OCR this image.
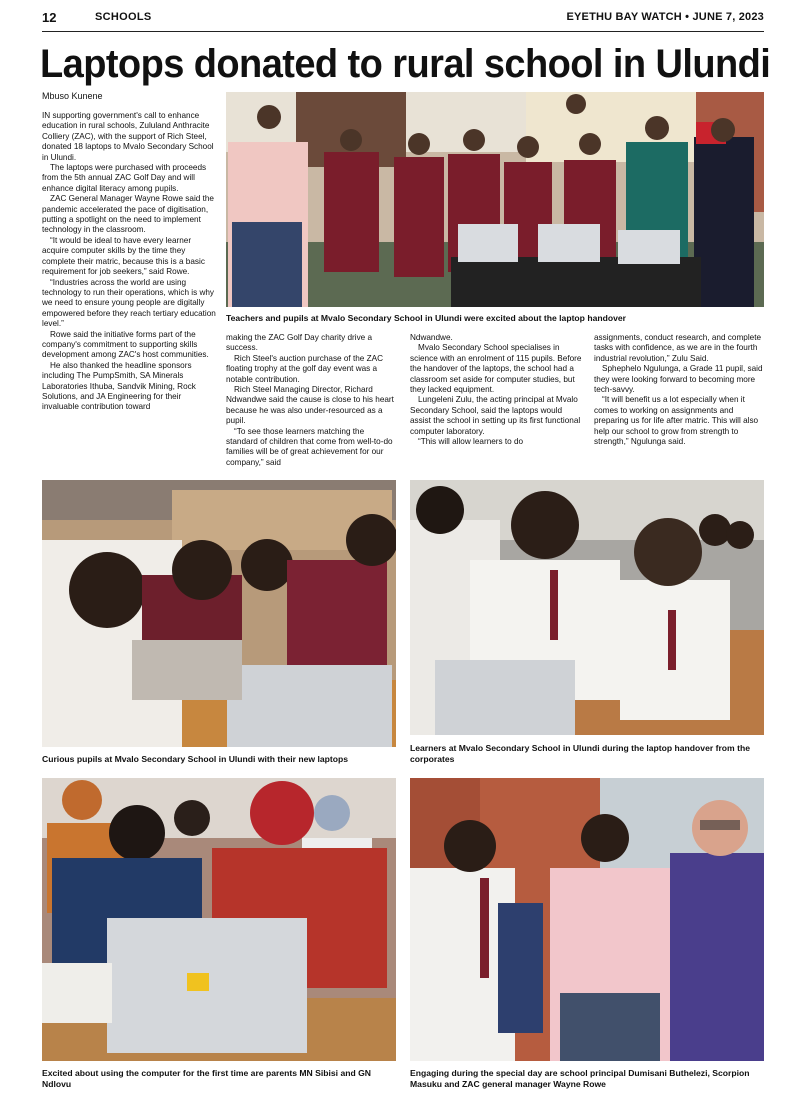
12	SCHOOLS	EYETHU BAY WATCH • JUNE 7, 2023
Laptops donated to rural school in Ulundi
Mbuso Kunene

IN supporting government's call to enhance education in rural schools, Zululand Anthracite Colliery (ZAC), with the support of Rich Steel, donated 18 laptops to Mvalo Secondary School in Ulundi.

The laptops were purchased with proceeds from the 5th annual ZAC Golf Day and will enhance digital literacy among pupils.

ZAC General Manager Wayne Rowe said the pandemic accelerated the pace of digitisation, putting a spotlight on the need to implement technology in the classroom.

“It would be ideal to have every learner acquire computer skills by the time they complete their matric, because this is a basic requirement for job seekers,” said Rowe.

“Industries across the world are using technology to run their operations, which is why we need to ensure young people are digitally empowered before they reach tertiary education level.”

Rowe said the initiative forms part of the company's commitment to supporting skills development among ZAC's host communities.

He also thanked the headline sponsors including The PumpSmith, SA Minerals Laboratories Ithuba, Sandvik Mining, Rock Solutions, and JA Engineering for their invaluable contribution toward

Teachers and pupils at Mvalo Secondary School in Ulundi were excited about the laptop handover

making the ZAC Golf Day charity drive a success.

Rich Steel's auction purchase of the ZAC floating trophy at the golf day event was a notable contribution.

Rich Steel Managing Director, Richard Ndwandwe said the cause is close to his heart because he was also under-resourced as a pupil.

“To see those learners matching the standard of children that come from well-to-do families will be of great achievement for our company,” said

Ndwandwe.

Mvalo Secondary School specialises in science with an enrolment of 115 pupils. Before the handover of the laptops, the school had a classroom set aside for computer studies, but they lacked equipment.

Lungeleni Zulu, the acting principal at Mvalo Secondary School, said the laptops would assist the school in setting up its first functional computer laboratory.

“This will allow learners to do

assignments, conduct research, and complete tasks with confidence, as we are in the fourth industrial revolution,” Zulu Said.

Sphephelo Ngulunga, a Grade 11 pupil, said they were looking forward to becoming more tech-savvy.

“It will benefit us a lot especially when it comes to working on assignments and preparing us for life after matric. This will also help our school to grow from strength to strength,” Ngulunga said.

Curious pupils at Mvalo Secondary School in Ulundi with their new laptops
Learners at Mvalo Secondary School in Ulundi during the laptop handover from the corporates
Excited about using the computer for the first time are parents MN Sibisi and GN Ndlovu
Engaging during the special day are school principal Dumisani Buthelezi, Scorpion Masuku and ZAC general manager Wayne Rowe
